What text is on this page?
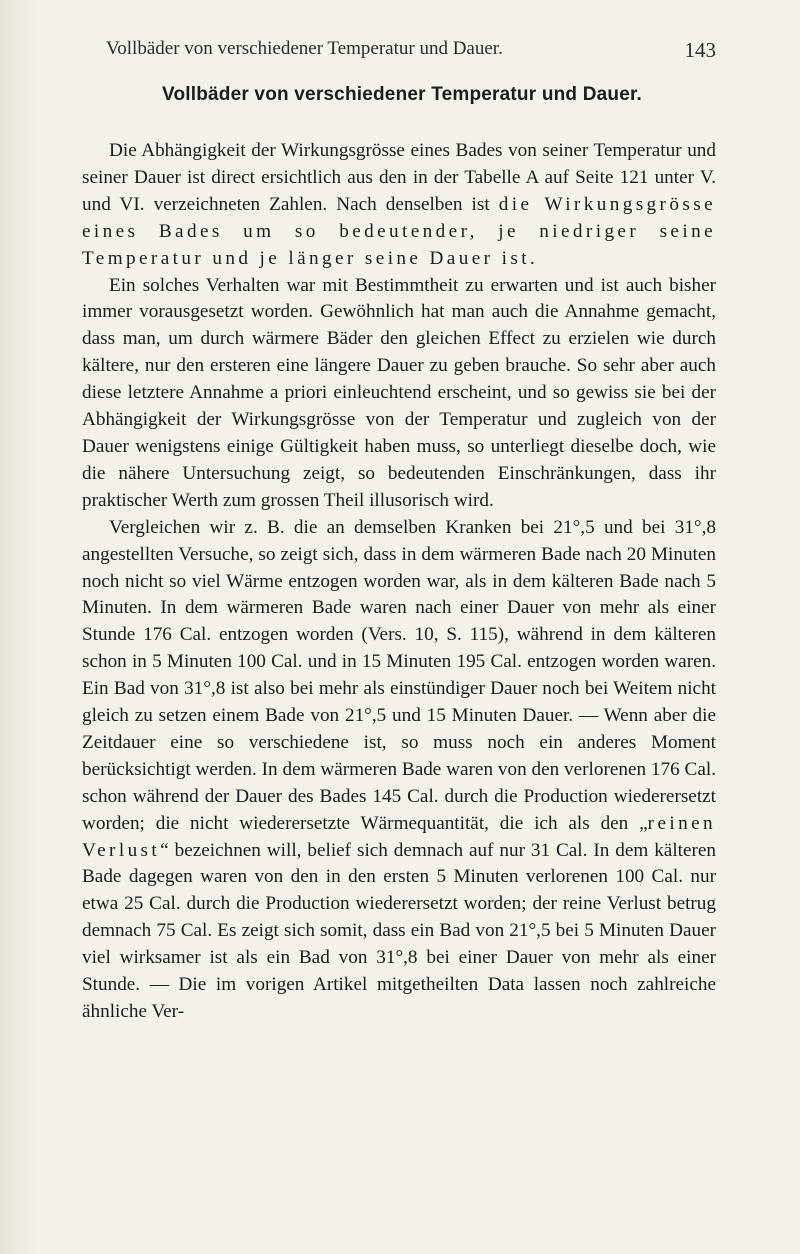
Vollbäder von verschiedener Temperatur und Dauer.	143
Vollbäder von verschiedener Temperatur und Dauer.

Die Abhängigkeit der Wirkungsgrösse eines Bades von seiner Temperatur und seiner Dauer ist direct ersichtlich aus den in der Tabelle A auf Seite 121 unter V. und VI. verzeichneten Zahlen. Nach denselben ist die Wirkungsgrösse eines Bades um so bedeutender, je niedriger seine Temperatur und je länger seine Dauer ist.

Ein solches Verhalten war mit Bestimmtheit zu erwarten und ist auch bisher immer vorausgesetzt worden. Gewöhnlich hat man auch die Annahme gemacht, dass man, um durch wärmere Bäder den gleichen Effect zu erzielen wie durch kältere, nur den ersteren eine längere Dauer zu geben brauche. So sehr aber auch diese letztere Annahme a priori einleuchtend erscheint, und so gewiss sie bei der Abhängigkeit der Wirkungsgrösse von der Temperatur und zugleich von der Dauer wenigstens einige Gültigkeit haben muss, so unterliegt dieselbe doch, wie die nähere Untersuchung zeigt, so bedeutenden Einschränkungen, dass ihr praktischer Werth zum grossen Theil illusorisch wird.

Vergleichen wir z. B. die an demselben Kranken bei 21°,5 und bei 31°,8 angestellten Versuche, so zeigt sich, dass in dem wärmeren Bade nach 20 Minuten noch nicht so viel Wärme entzogen worden war, als in dem kälteren Bade nach 5 Minuten. In dem wärmeren Bade waren nach einer Dauer von mehr als einer Stunde 176 Cal. entzogen worden (Vers. 10, S. 115), während in dem kälteren schon in 5 Minuten 100 Cal. und in 15 Minuten 195 Cal. entzogen worden waren. Ein Bad von 31°,8 ist also bei mehr als einstündiger Dauer noch bei Weitem nicht gleich zu setzen einem Bade von 21°,5 und 15 Minuten Dauer. — Wenn aber die Zeitdauer eine so verschiedene ist, so muss noch ein anderes Moment berücksichtigt werden. In dem wärmeren Bade waren von den verlorenen 176 Cal. schon während der Dauer des Bades 145 Cal. durch die Production wiederersetzt worden; die nicht wiederersetzte Wärmequantität, die ich als den „reinen Verlust“ bezeichnen will, belief sich demnach auf nur 31 Cal. In dem kälteren Bade dagegen waren von den in den ersten 5 Minuten verlorenen 100 Cal. nur etwa 25 Cal. durch die Production wiederersetzt worden; der reine Verlust betrug demnach 75 Cal. Es zeigt sich somit, dass ein Bad von 21°,5 bei 5 Minuten Dauer viel wirksamer ist als ein Bad von 31°,8 bei einer Dauer von mehr als einer Stunde. — Die im vorigen Artikel mitgetheilten Data lassen noch zahlreiche ähnliche Ver-
